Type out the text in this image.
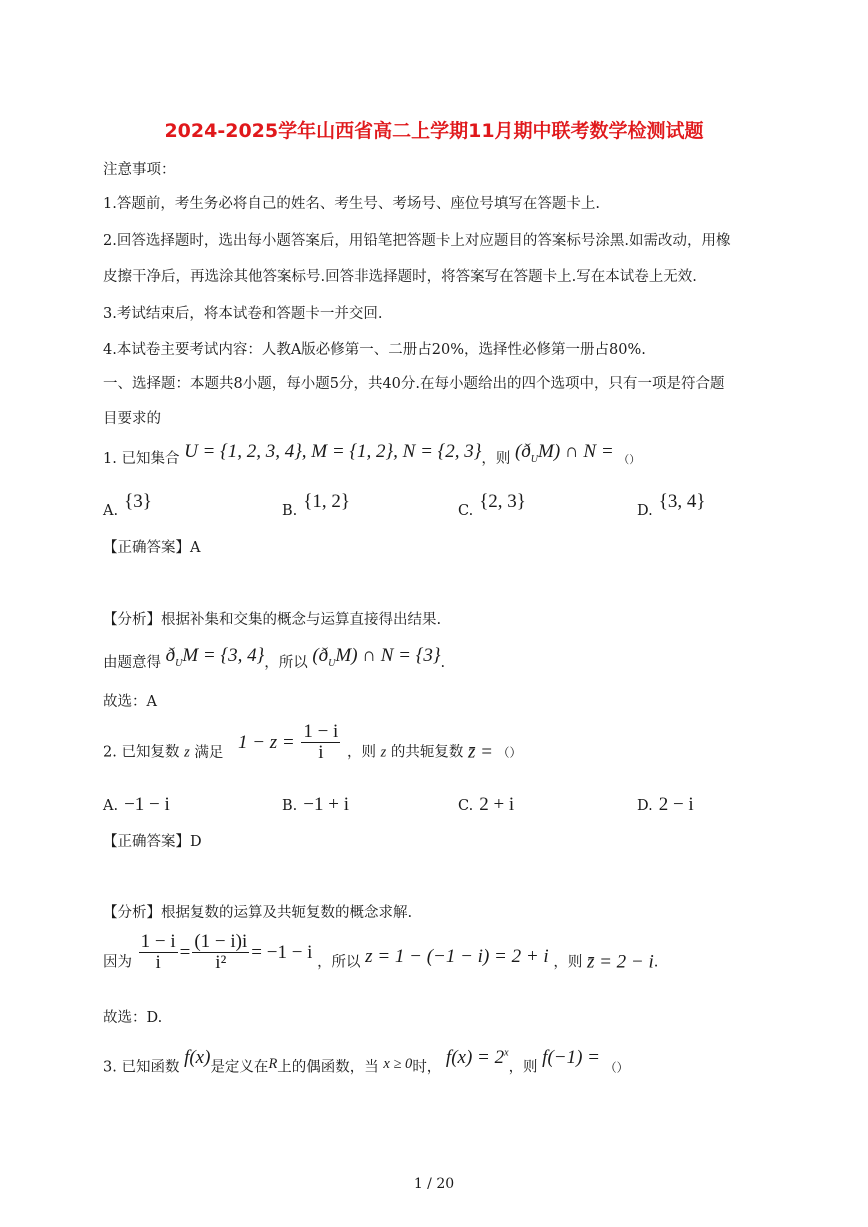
2024-2025学年山西省高二上学期11月期中联考数学检测试题
注意事项：
1.答题前，考生务必将自己的姓名、考生号、考场号、座位号填写在答题卡上.
2.回答选择题时，选出每小题答案后，用铅笔把答题卡上对应题目的答案标号涂黑.如需改动，用橡
皮擦干净后，再选涂其他答案标号.回答非选择题时，将答案写在答题卡上.写在本试卷上无效.
3.考试结束后，将本试卷和答题卡一并交回.
4.本试卷主要考试内容：人教A版必修第一、二册占20%，选择性必修第一册占80%.
一、选择题：本题共8小题，每小题5分，共40分.在每小题给出的四个选项中，只有一项是符合题
目要求的
1. 已知集合 U = {1, 2, 3, 4}, M = {1, 2}, N = {2, 3}，则 $(ð_UM)$ ∩ N = （）
A. {3}	B. {1, 2}	C. {2, 3}	D. {3, 4}
【正确答案】A
【分析】根据补集和交集的概念与运算直接得出结果.
由题意得 $ð_UM = \{3$, 4}，所以 $(ð_UM)$ ∩ N = {3}.
故选：A
2. 已知复数 z 满足 $1 - z = \frac{1 - i}{i}$ ，则 z 的共轭复数 z̄ = （）
A. −1 − i	B. −1 + i	C. 2 + i	D. 2 − i
【正确答案】D
【分析】根据复数的运算及共轭复数的概念求解.
因为 $\frac{1 - i}{i} = \frac{(1 - i)i}{\text{i²}} = -1 - i$ ，所以 z = 1 − (−1 − i) = 2 + i ，则 z̄ = 2 − i.
故选：D.
3. 已知函数 f(x)是定义在R上的偶函数，当 x ≥ 0时， $f(x) = 2^x$，则 f(−1) = （）
1 / 20
